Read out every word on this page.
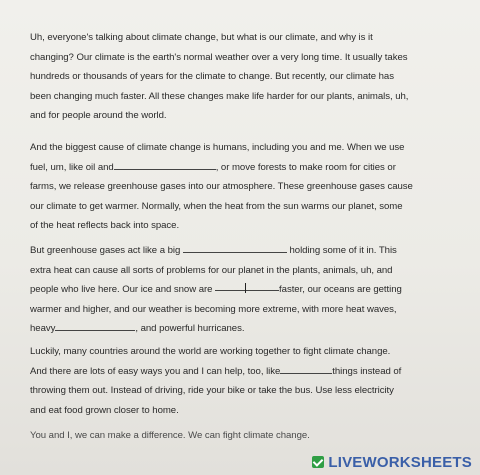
Uh, everyone's talking about climate change, but what is our climate, and why is it
changing? Our climate is the earth's normal weather over a very long time. It usually takes
hundreds or thousands of years for the climate to change. But recently, our climate has
been changing much faster. All these changes make life harder for our plants, animals, uh,
and for people around the world.
And the biggest cause of climate change is humans, including you and me. When we use
fuel, um, like oil and	, or move forests to make room for cities or
farms, we release greenhouse gases into our atmosphere. These greenhouse gases cause
our climate to get warmer. Normally, when the heat from the sun warms our planet, some
of the heat reflects back into space.
But greenhouse gases act like a big	holding some of it in. This
extra heat can cause all sorts of problems for our planet in the plants, animals, uh, and
people who live here. Our ice and snow are	faster, our oceans are getting
warmer and higher, and our weather is becoming more extreme, with more heat waves,
heavy	, and powerful hurricanes.
Luckily, many countries around the world are working together to fight climate change.
And there are lots of easy ways you and I can help, too, like	things instead of
throwing them out. Instead of driving, ride your bike or take the bus. Use less electricity
and eat food grown closer to home.
You and I, we can make a difference. We can fight climate change.
LIVEWORKSHEETS
